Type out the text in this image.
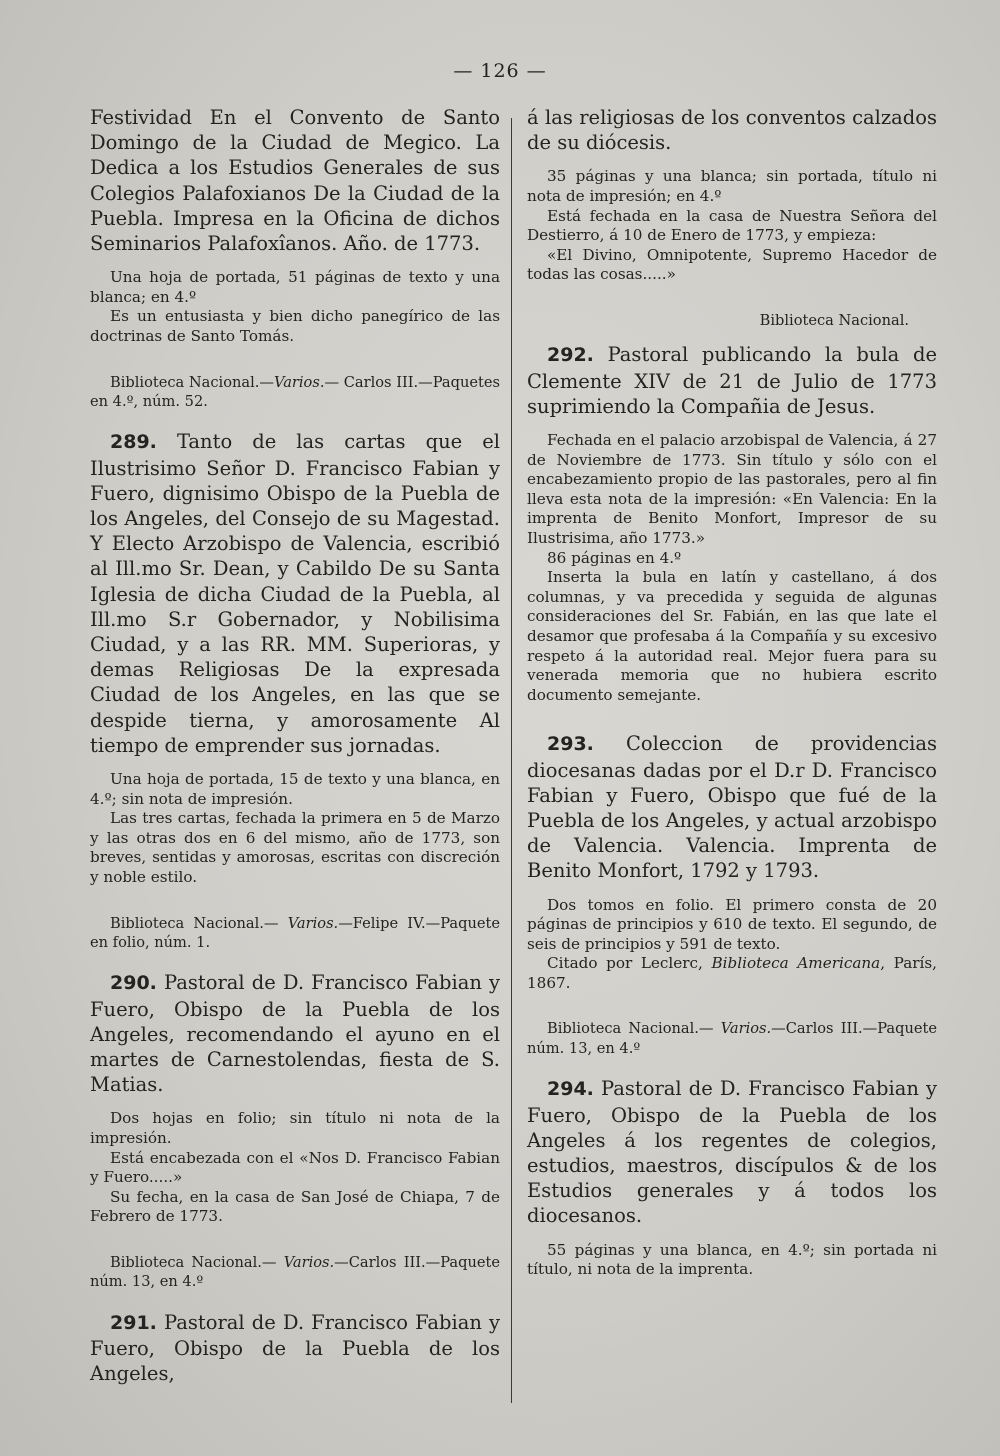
— 126 —

Festividad En el Convento de Santo Domingo de la Ciudad de Megico. La Dedica a los Estudios Generales de sus Colegios Palafoxianos De la Ciudad de la Puebla. Impresa en la Oficina de dichos Seminarios Palafoxîanos. Año. de 1773.

Una hoja de portada, 51 páginas de texto y una blanca; en 4.º

Es un entusiasta y bien dicho panegírico de las doctrinas de Santo Tomás.

Biblioteca Nacional.—Varios.— Carlos III.—Paquetes en 4.º, núm. 52.

289. Tanto de las cartas que el Ilustrisimo Señor D. Francisco Fabian y Fuero, dignisimo Obispo de la Puebla de los Angeles, del Consejo de su Magestad. Y Electo Arzobispo de Valencia, escribió al Ill.mo Sr. Dean, y Cabildo De su Santa Iglesia de dicha Ciudad de la Puebla, al Ill.mo S.r Gobernador, y Nobilisima Ciudad, y a las RR. MM. Superioras, y demas Religiosas De la expresada Ciudad de los Angeles, en las que se despide tierna, y amorosamente Al tiempo de emprender sus jornadas.

Una hoja de portada, 15 de texto y una blanca, en 4.º; sin nota de impresión.

Las tres cartas, fechada la primera en 5 de Marzo y las otras dos en 6 del mismo, año de 1773, son breves, sentidas y amorosas, escritas con discreción y noble estilo.

Biblioteca Nacional.— Varios.—Felipe IV.—Paquete en folio, núm. 1.

290. Pastoral de D. Francisco Fabian y Fuero, Obispo de la Puebla de los Angeles, recomendando el ayuno en el martes de Carnestolendas, fiesta de S. Matias.

Dos hojas en folio; sin título ni nota de la impresión.

Está encabezada con el «Nos D. Francisco Fabian y Fuero.....»

Su fecha, en la casa de San José de Chiapa, 7 de Febrero de 1773.

Biblioteca Nacional.— Varios.—Carlos III.—Paquete núm. 13, en 4.º

291. Pastoral de D. Francisco Fabian y Fuero, Obispo de la Puebla de los Angeles,

á las religiosas de los conventos calzados de su diócesis.

35 páginas y una blanca; sin portada, título ni nota de impresión; en 4.º

Está fechada en la casa de Nuestra Señora del Destierro, á 10 de Enero de 1773, y empieza:

«El Divino, Omnipotente, Supremo Hacedor de todas las cosas.....»

Biblioteca Nacional.

292. Pastoral publicando la bula de Clemente XIV de 21 de Julio de 1773 suprimiendo la Compañia de Jesus.

Fechada en el palacio arzobispal de Valencia, á 27 de Noviembre de 1773. Sin título y sólo con el encabezamiento propio de las pastorales, pero al fin lleva esta nota de la impresión: «En Valencia: En la imprenta de Benito Monfort, Impresor de su Ilustrisima, año 1773.»

86 páginas en 4.º

Inserta la bula en latín y castellano, á dos columnas, y va precedida y seguida de algunas consideraciones del Sr. Fabián, en las que late el desamor que profesaba á la Compañía y su excesivo respeto á la autoridad real. Mejor fuera para su venerada memoria que no hubiera escrito documento semejante.

293. Coleccion de providencias diocesanas dadas por el D.r D. Francisco Fabian y Fuero, Obispo que fué de la Puebla de los Angeles, y actual arzobispo de Valencia. Valencia. Imprenta de Benito Monfort, 1792 y 1793.

Dos tomos en folio. El primero consta de 20 páginas de principios y 610 de texto. El segundo, de seis de principios y 591 de texto.

Citado por Leclerc, Biblioteca Americana, París, 1867.

Biblioteca Nacional.— Varios.—Carlos III.—Paquete núm. 13, en 4.º

294. Pastoral de D. Francisco Fabian y Fuero, Obispo de la Puebla de los Angeles á los regentes de colegios, estudios, maestros, discípulos & de los Estudios generales y á todos los diocesanos.

55 páginas y una blanca, en 4.º; sin portada ni título, ni nota de la imprenta.
